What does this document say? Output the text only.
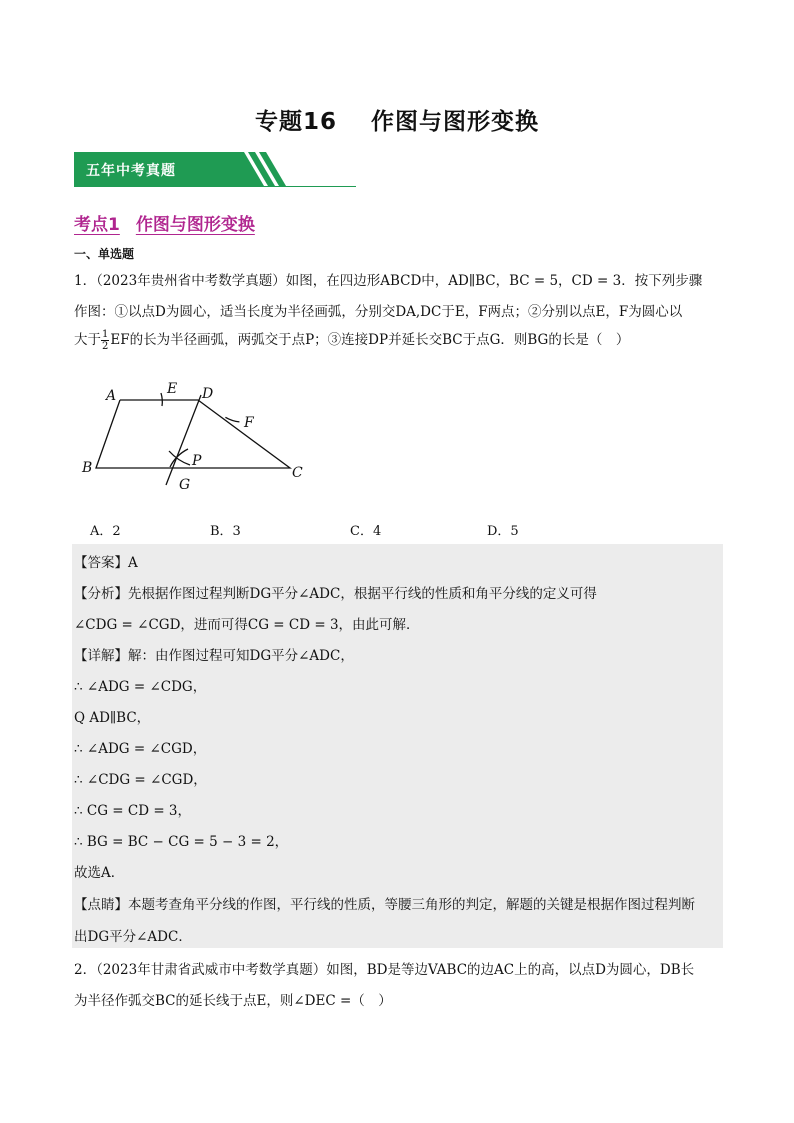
专题16 作图与图形变换
五年中考真题
考点1 作图与图形变换
一、单选题
1．（2023年贵州省中考数学真题）如图，在四边形ABCD中，AD∥BC，BC = 5，CD = 3．按下列步骤
作图：①以点D为圆心，适当长度为半径画弧，分别交DA,DC于E，F两点；②分别以点E，F为圆心以
大于 $\frac{1}{2}$ EF的长为半径画弧，两弧交于点P；③连接DP并延长交BC于点G．则BG的长是（　）
A	E D
F
B	P
C
G
A．2	B．3	C．4	D．5
【答案】A
【分析】先根据作图过程判断DG平分∠ADC，根据平行线的性质和角平分线的定义可得
∠CDG = ∠CGD，进而可得CG = CD = 3，由此可解．
【详解】解：由作图过程可知DG平分∠ADC，
∴ ∠ADG = ∠CDG，
Q AD∥BC，
∴ ∠ADG = ∠CGD，
∴ ∠CDG = ∠CGD，
∴ CG = CD = 3，
∴ BG = BC − CG = 5 − 3 = 2，
故选A．
【点睛】本题考查角平分线的作图，平行线的性质，等腰三角形的判定，解题的关键是根据作图过程判断
出DG平分∠ADC．
2．（2023年甘肃省武威市中考数学真题）如图，BD是等边VABC的边AC上的高，以点D为圆心，DB长
为半径作弧交BC的延长线于点E，则∠DEC =（　）
